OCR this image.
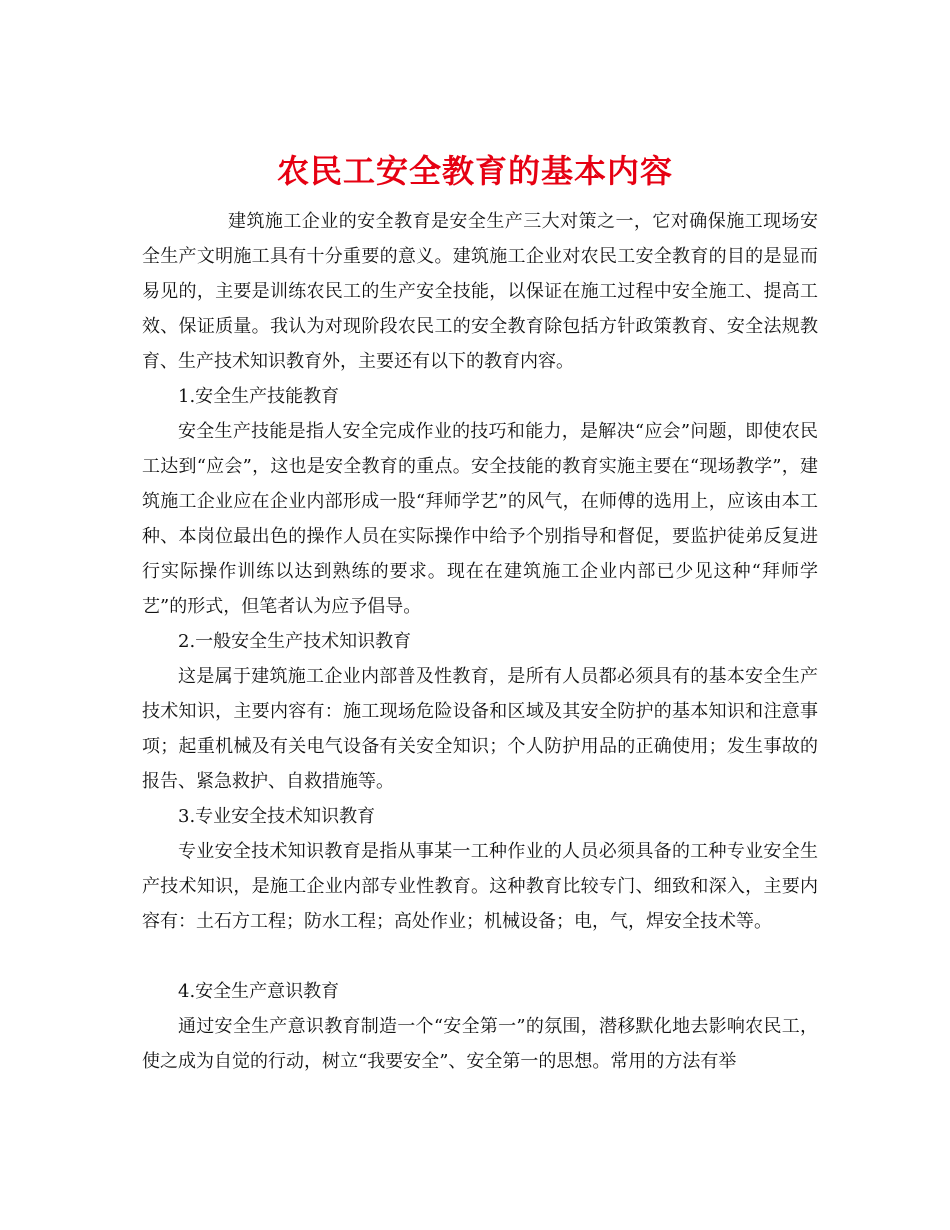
农民工安全教育的基本内容

建筑施工企业的安全教育是安全生产三大对策之一，它对确保施工现场安全生产文明施工具有十分重要的意义。建筑施工企业对农民工安全教育的目的是显而易见的，主要是训练农民工的生产安全技能，以保证在施工过程中安全施工、提高工效、保证质量。我认为对现阶段农民工的安全教育除包括方针政策教育、安全法规教育、生产技术知识教育外，主要还有以下的教育内容。

1.安全生产技能教育

安全生产技能是指人安全完成作业的技巧和能力，是解决“应会”问题，即使农民工达到“应会”，这也是安全教育的重点。安全技能的教育实施主要在“现场教学”，建筑施工企业应在企业内部形成一股“拜师学艺”的风气，在师傅的选用上，应该由本工种、本岗位最出色的操作人员在实际操作中给予个别指导和督促，要监护徒弟反复进行实际操作训练以达到熟练的要求。现在在建筑施工企业内部已少见这种“拜师学艺”的形式，但笔者认为应予倡导。

2.一般安全生产技术知识教育

这是属于建筑施工企业内部普及性教育，是所有人员都必须具有的基本安全生产技术知识，主要内容有：施工现场危险设备和区域及其安全防护的基本知识和注意事项；起重机械及有关电气设备有关安全知识；个人防护用品的正确使用；发生事故的报告、紧急救护、自救措施等。

3.专业安全技术知识教育

专业安全技术知识教育是指从事某一工种作业的人员必须具备的工种专业安全生产技术知识，是施工企业内部专业性教育。这种教育比较专门、细致和深入，主要内容有：土石方工程；防水工程；高处作业；机械设备；电，气，焊安全技术等。

4.安全生产意识教育

通过安全生产意识教育制造一个“安全第一”的氛围，潜移默化地去影响农民工，使之成为自觉的行动，树立“我要安全”、安全第一的思想。常用的方法有举
